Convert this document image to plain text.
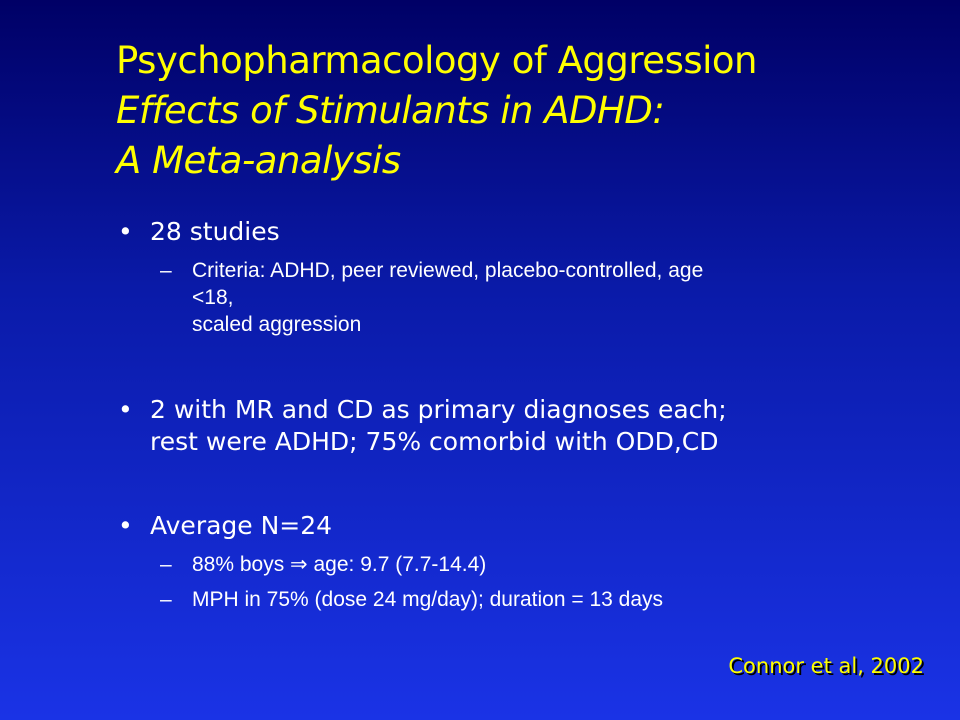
Psychopharmacology of Aggression
Effects of Stimulants in ADHD:
A Meta-analysis
• 28 studies
– Criteria: ADHD, peer reviewed, placebo-controlled, age
<18,
scaled aggression
• 2 with MR and CD as primary diagnoses each;
rest were ADHD; 75% comorbid with ODD,CD
• Average N=24
– 88% boys ⇒ age: 9.7 (7.7-14.4)
– MPH in 75% (dose 24 mg/day); duration = 13 days
Connor et al, 2002
